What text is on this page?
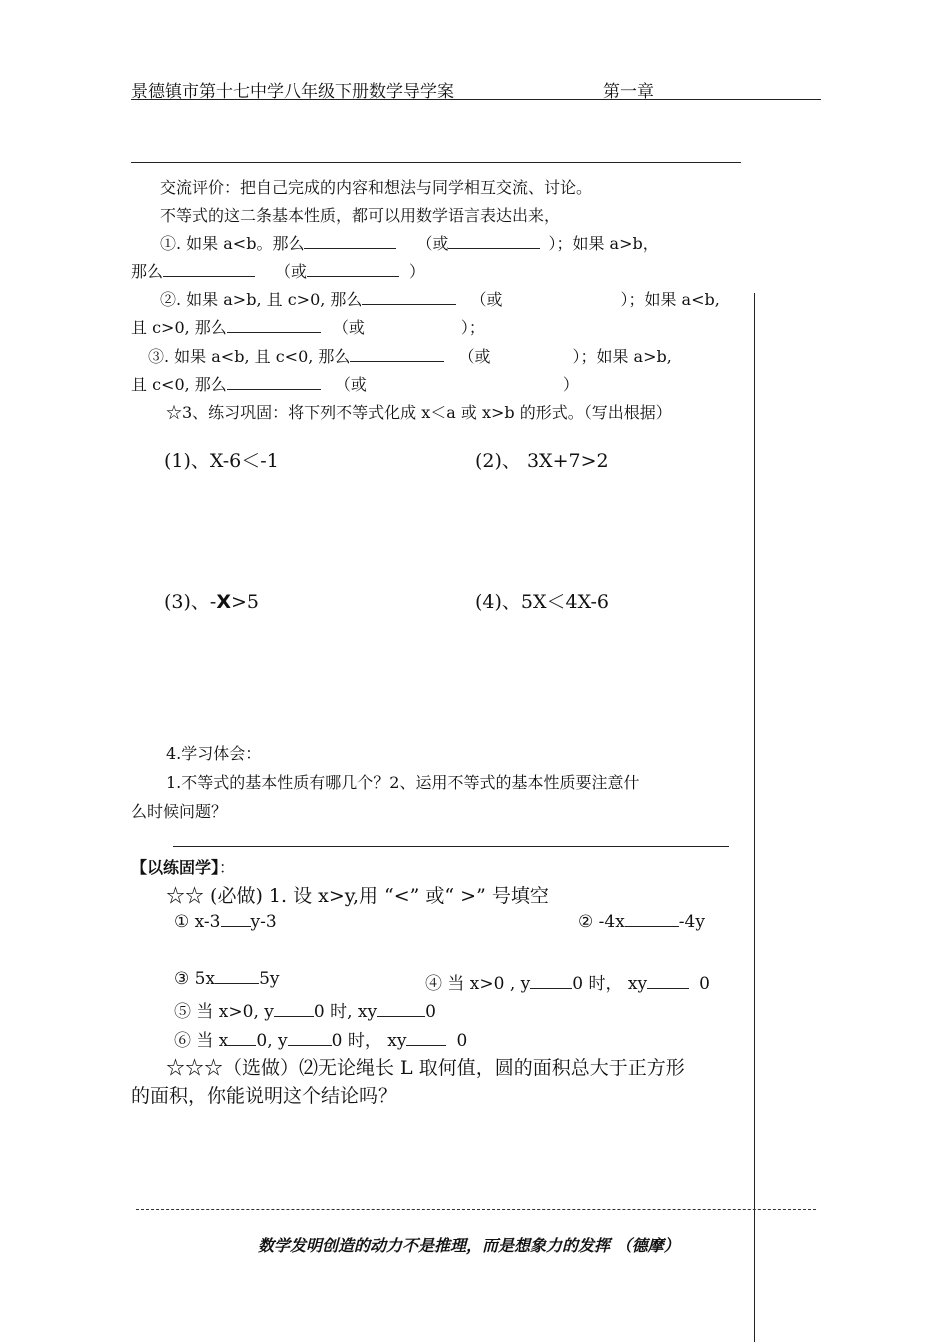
景德镇市第十七中学八年级下册数学导学案	第一章
交流评价：把自己完成的内容和想法与同学相互交流、讨论。
不等式的这二条基本性质，都可以用数学语言表达出来，
①. 如果 a<b。那么	（或	）；如果 a>b，
那么	（或	）
②. 如果 a>b, 且 c>0, 那么	（或	）；如果 a<b,
且 c>0, 那么	（或	）；
③. 如果 a<b, 且 c<0, 那么	（或	）；如果 a>b,
且 c<0, 那么	（或	）
☆3、练习巩固：将下列不等式化成 x＜a 或 x>b 的形式。（写出根据）
(1)、X-6＜-1	(2)、 3X+7>2
(3)、-X>5	(4)、5X＜4X-6
4.学习体会：
1.不等式的基本性质有哪几个？2、运用不等式的基本性质要注意什
么时候问题？
【以练固学】：
☆☆ (必做) 1. 设 x>y,用 “<” 或“ >” 号填空
① x-3 y-3	② -4x	-4y
③ 5x	5y	④ 当 x>0 , y 0 时， xy	0
⑤ 当 x>0, y 0 时, xy	0
⑥ 当 x 0, y	0 时， xy	0
☆☆☆（选做）⑵无论绳长 L 取何值，圆的面积总大于正方形
的面积，你能说明这个结论吗？
数学发明创造的动力不是推理，而是想象力的发挥 （德摩）
